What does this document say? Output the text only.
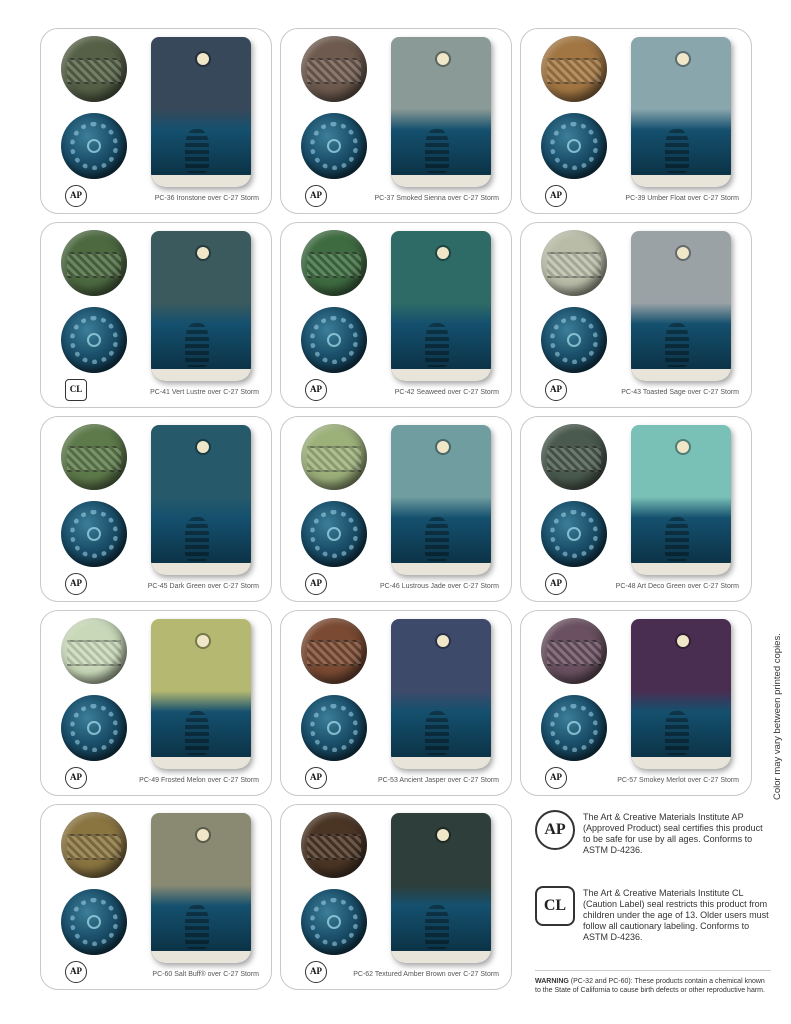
AP	PC-36 Ironstone over C-27 Storm	AP	PC-37 Smoked Sienna over C-27 Storm	AP	PC-39 Umber Float over C-27 Storm
CL	PC-41 Vert Lustre over C-27 Storm	AP	PC-42 Seaweed over C-27 Storm	AP	PC-43 Toasted Sage over C-27 Storm
AP	PC-45 Dark Green over C-27 Storm	AP	PC-46 Lustrous Jade over C-27 Storm	AP	PC-48 Art Deco Green over C-27 Storm
AP	PC-49 Frosted Melon over C-27 Storm	AP	PC-53 Ancient Jasper over C-27 Storm	AP	PC-57 Smokey Merlot over C-27 Storm
AP	PC-60 Salt Buff® over C-27 Storm	AP	PC-62 Textured Amber Brown over C-27 Storm
Color may vary between printed copies.
AP
The Art & Creative Materials Institute AP (Approved Product) seal certifies this product to be safe for use by all ages. Conforms to ASTM D-4236.
CL
The Art & Creative Materials Institute CL (Caution Label) seal restricts this product from children under the age of 13. Older users must follow all cautionary labeling. Conforms to ASTM D-4236.
WARNING (PC-32 and PC-60): These products contain a chemical known to the State of California to cause birth defects or other reproductive harm.
